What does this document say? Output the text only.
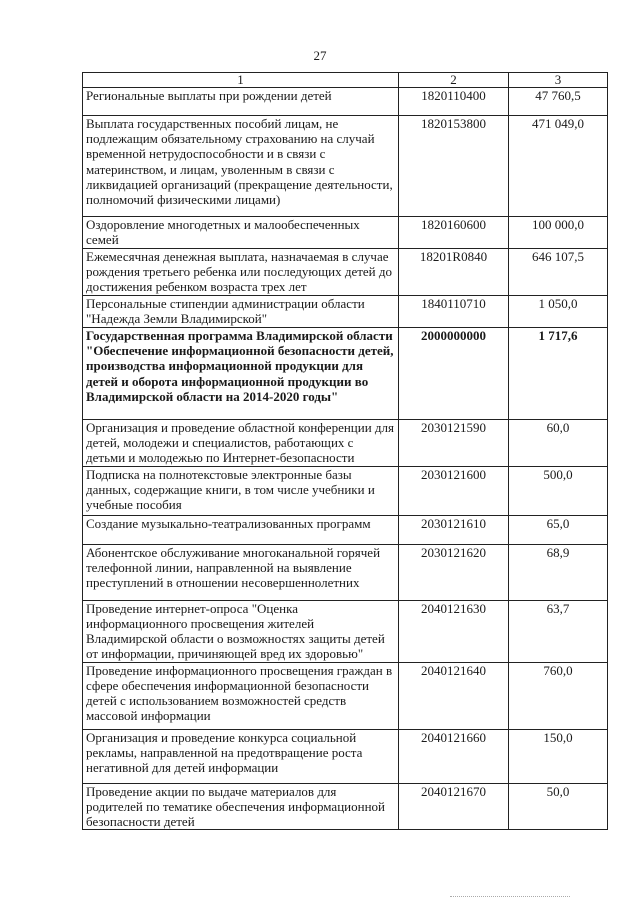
27
1	2	3
Региональные выплаты при рождении детей	1820110400	47 760,5
Выплата государственных пособий лицам, не подлежащим обязательному страхованию на случай временной нетрудоспособности и в связи с материнством, и лицам, уволенным в связи с ликвидацией организаций (прекращение деятельности, полномочий физическими лицами)	1820153800	471 049,0
Оздоровление многодетных и малообеспеченных семей	1820160600	100 000,0
Ежемесячная денежная выплата, назначаемая в случае рождения третьего ребенка или последующих детей до достижения ребенком возраста трех лет	18201R0840	646 107,5
Персональные стипендии администрации области "Надежда Земли Владимирской"	1840110710	1 050,0
Государственная программа Владимирской области "Обеспечение информационной безопасности детей, производства информационной продукции для детей и оборота информационной продукции во Владимирской области на 2014-2020 годы"	2000000000	1 717,6
Организация и проведение областной конференции для детей, молодежи и специалистов, работающих с детьми и молодежью по Интернет-безопасности	2030121590	60,0
Подписка на полнотекстовые электронные базы данных, содержащие книги, в том числе учебники и учебные пособия	2030121600	500,0
Создание музыкально-театрализованных программ	2030121610	65,0
Абонентское обслуживание многоканальной горячей телефонной линии, направленной на выявление преступлений в отношении несовершеннолетних	2030121620	68,9
Проведение интернет-опроса "Оценка информационного просвещения жителей Владимирской области о возможностях защиты детей от информации, причиняющей вред их здоровью"	2040121630	63,7
Проведение информационного просвещения граждан в сфере обеспечения информационной безопасности детей с использованием возможностей средств массовой информации	2040121640	760,0
Организация и проведение конкурса социальной рекламы, направленной на предотвращение роста негативной для детей информации	2040121660	150,0
Проведение акции по выдаче материалов для родителей по тематике обеспечения информационной безопасности детей	2040121670	50,0
